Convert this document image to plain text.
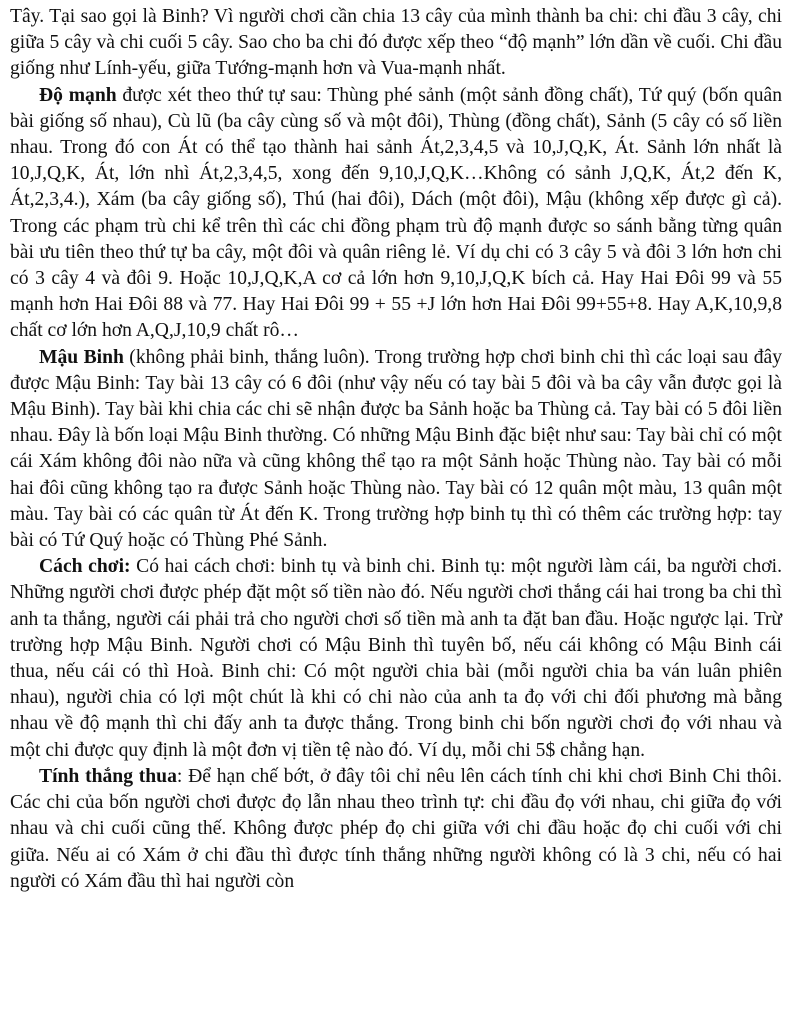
Tây. Tại sao gọi là Binh? Vì người chơi cần chia 13 cây của mình thành ba chi: chi đầu 3 cây, chi giữa 5 cây và chi cuối 5 cây. Sao cho ba chi đó được xếp theo “độ mạnh” lớn dần về cuối. Chi đầu giống như Lính-yếu, giữa Tướng-mạnh hơn và Vua-mạnh nhất.

Độ mạnh được xét theo thứ tự sau: Thùng phé sảnh (một sảnh đồng chất), Tứ quý (bốn quân bài giống số nhau), Cù lũ (ba cây cùng số và một đôi), Thùng (đồng chất), Sảnh (5 cây có số liền nhau. Trong đó con Át có thể tạo thành hai sảnh Át,2,3,4,5 và 10,J,Q,K, Át. Sảnh lớn nhất là 10,J,Q,K, Át, lớn nhì Át,2,3,4,5, xong đến 9,10,J,Q,K…Không có sảnh J,Q,K, Át,2 đến K, Át,2,3,4.), Xám (ba cây giống số), Thú (hai đôi), Dách (một đôi), Mậu (không xếp được gì cả). Trong các phạm trù chi kể trên thì các chi đồng phạm trù độ mạnh được so sánh bằng từng quân bài ưu tiên theo thứ tự ba cây, một đôi và quân riêng lẻ. Ví dụ chi có 3 cây 5 và đôi 3 lớn hơn chi có 3 cây 4 và đôi 9. Hoặc 10,J,Q,K,A cơ cả lớn hơn 9,10,J,Q,K bích cả. Hay Hai Đôi 99 và 55 mạnh hơn Hai Đôi 88 và 77. Hay Hai Đôi 99 + 55 +J lớn hơn Hai Đôi 99+55+8. Hay A,K,10,9,8 chất cơ lớn hơn A,Q,J,10,9 chất rô…

Mậu Binh (không phải binh, thắng luôn). Trong trường hợp chơi binh chi thì các loại sau đây được Mậu Binh: Tay bài 13 cây có 6 đôi (như vậy nếu có tay bài 5 đôi và ba cây vẫn được gọi là Mậu Binh). Tay bài khi chia các chi sẽ nhận được ba Sảnh hoặc ba Thùng cả. Tay bài có 5 đôi liền nhau. Đây là bốn loại Mậu Binh thường. Có những Mậu Binh đặc biệt như sau: Tay bài chỉ có một cái Xám không đôi nào nữa và cũng không thể tạo ra một Sảnh hoặc Thùng nào. Tay bài có mỗi hai đôi cũng không tạo ra được Sảnh hoặc Thùng nào. Tay bài có 12 quân một màu, 13 quân một màu. Tay bài có các quân từ Át đến K. Trong trường hợp binh tụ thì có thêm các trường hợp: tay bài có Tứ Quý hoặc có Thùng Phé Sảnh.

Cách chơi: Có hai cách chơi: binh tụ và binh chi. Binh tụ: một người làm cái, ba người chơi. Những người chơi được phép đặt một số tiền nào đó. Nếu người chơi thắng cái hai trong ba chi thì anh ta thắng, người cái phải trả cho người chơi số tiền mà anh ta đặt ban đầu. Hoặc ngược lại. Trừ trường hợp Mậu Binh. Người chơi có Mậu Binh thì tuyên bố, nếu cái không có Mậu Binh cái thua, nếu cái có thì Hoà. Binh chi: Có một người chia bài (mỗi người chia ba ván luân phiên nhau), người chia có lợi một chút là khi có chi nào của anh ta đọ với chi đối phương mà bằng nhau về độ mạnh thì chi đấy anh ta được thắng. Trong binh chi bốn người chơi đọ với nhau và một chi được quy định là một đơn vị tiền tệ nào đó. Ví dụ, mỗi chi 5$ chẳng hạn.

Tính thắng thua: Để hạn chế bớt, ở đây tôi chỉ nêu lên cách tính chi khi chơi Binh Chi thôi. Các chi của bốn người chơi được đọ lẫn nhau theo trình tự: chi đầu đọ với nhau, chi giữa đọ với nhau và chi cuối cũng thế. Không được phép đọ chi giữa với chi đầu hoặc đọ chi cuối với chi giữa. Nếu ai có Xám ở chi đầu thì được tính thắng những người không có là 3 chi, nếu có hai người có Xám đầu thì hai người còn
